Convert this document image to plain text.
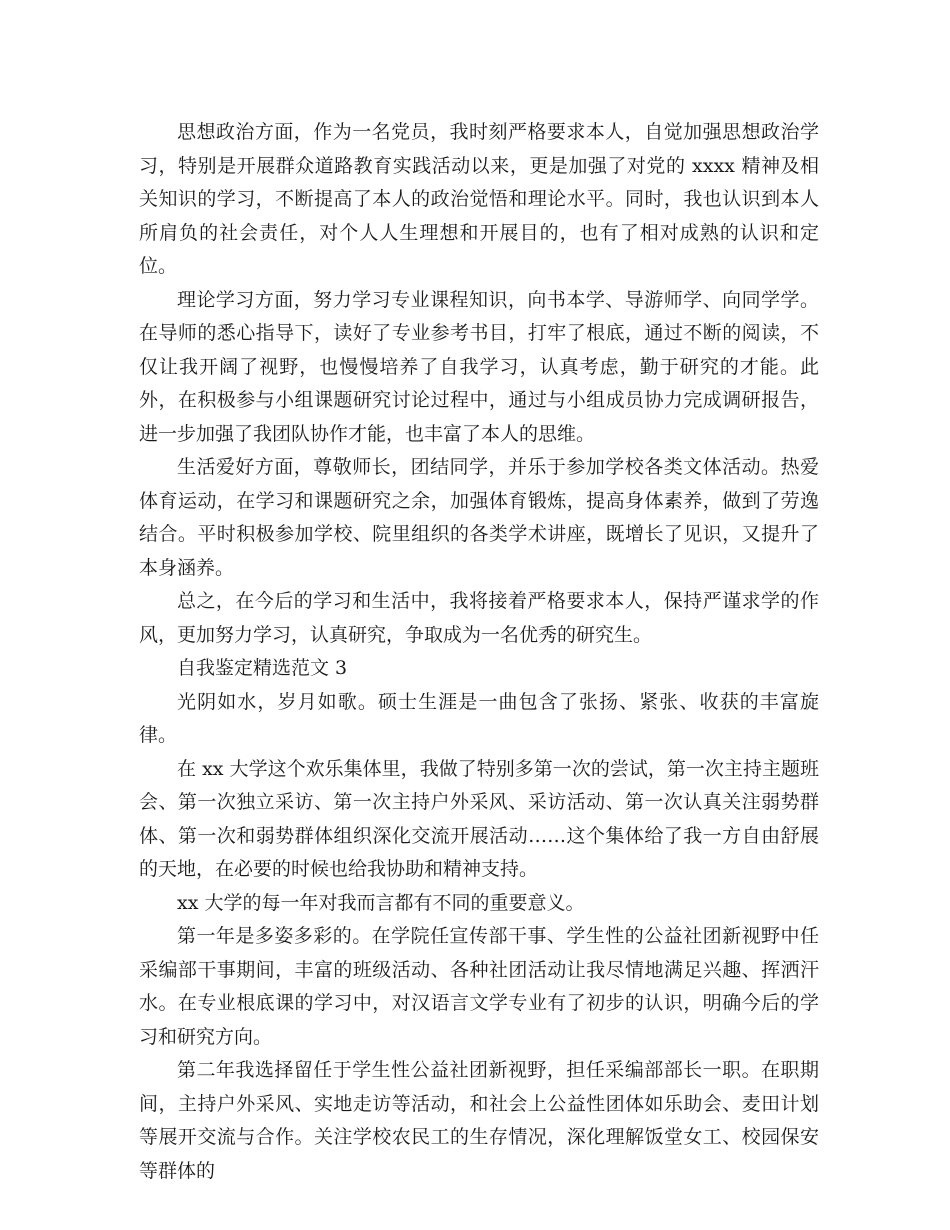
思想政治方面，作为一名党员，我时刻严格要求本人，自觉加强思想政治学习，特别是开展群众道路教育实践活动以来，更是加强了对党的 xxxx 精神及相关知识的学习，不断提高了本人的政治觉悟和理论水平。同时，我也认识到本人所肩负的社会责任，对个人人生理想和开展目的，也有了相对成熟的认识和定位。

理论学习方面，努力学习专业课程知识，向书本学、导游师学、向同学学。在导师的悉心指导下，读好了专业参考书目，打牢了根底，通过不断的阅读，不仅让我开阔了视野，也慢慢培养了自我学习，认真考虑，勤于研究的才能。此外，在积极参与小组课题研究讨论过程中，通过与小组成员协力完成调研报告，进一步加强了我团队协作才能，也丰富了本人的思维。

生活爱好方面，尊敬师长，团结同学，并乐于参加学校各类文体活动。热爱体育运动，在学习和课题研究之余，加强体育锻炼，提高身体素养，做到了劳逸结合。平时积极参加学校、院里组织的各类学术讲座，既增长了见识，又提升了本身涵养。

总之，在今后的学习和生活中，我将接着严格要求本人，保持严谨求学的作风，更加努力学习，认真研究，争取成为一名优秀的研究生。

自我鉴定精选范文 3

光阴如水，岁月如歌。硕士生涯是一曲包含了张扬、紧张、收获的丰富旋律。

在 xx 大学这个欢乐集体里，我做了特别多第一次的尝试，第一次主持主题班会、第一次独立采访、第一次主持户外采风、采访活动、第一次认真关注弱势群体、第一次和弱势群体组织深化交流开展活动……这个集体给了我一方自由舒展的天地，在必要的时候也给我协助和精神支持。

xx 大学的每一年对我而言都有不同的重要意义。

第一年是多姿多彩的。在学院任宣传部干事、学生性的公益社团新视野中任采编部干事期间，丰富的班级活动、各种社团活动让我尽情地满足兴趣、挥洒汗水。在专业根底课的学习中，对汉语言文学专业有了初步的认识，明确今后的学习和研究方向。

第二年我选择留任于学生性公益社团新视野，担任采编部部长一职。在职期间，主持户外采风、实地走访等活动，和社会上公益性团体如乐助会、麦田计划等展开交流与合作。关注学校农民工的生存情况，深化理解饭堂女工、校园保安等群体的
